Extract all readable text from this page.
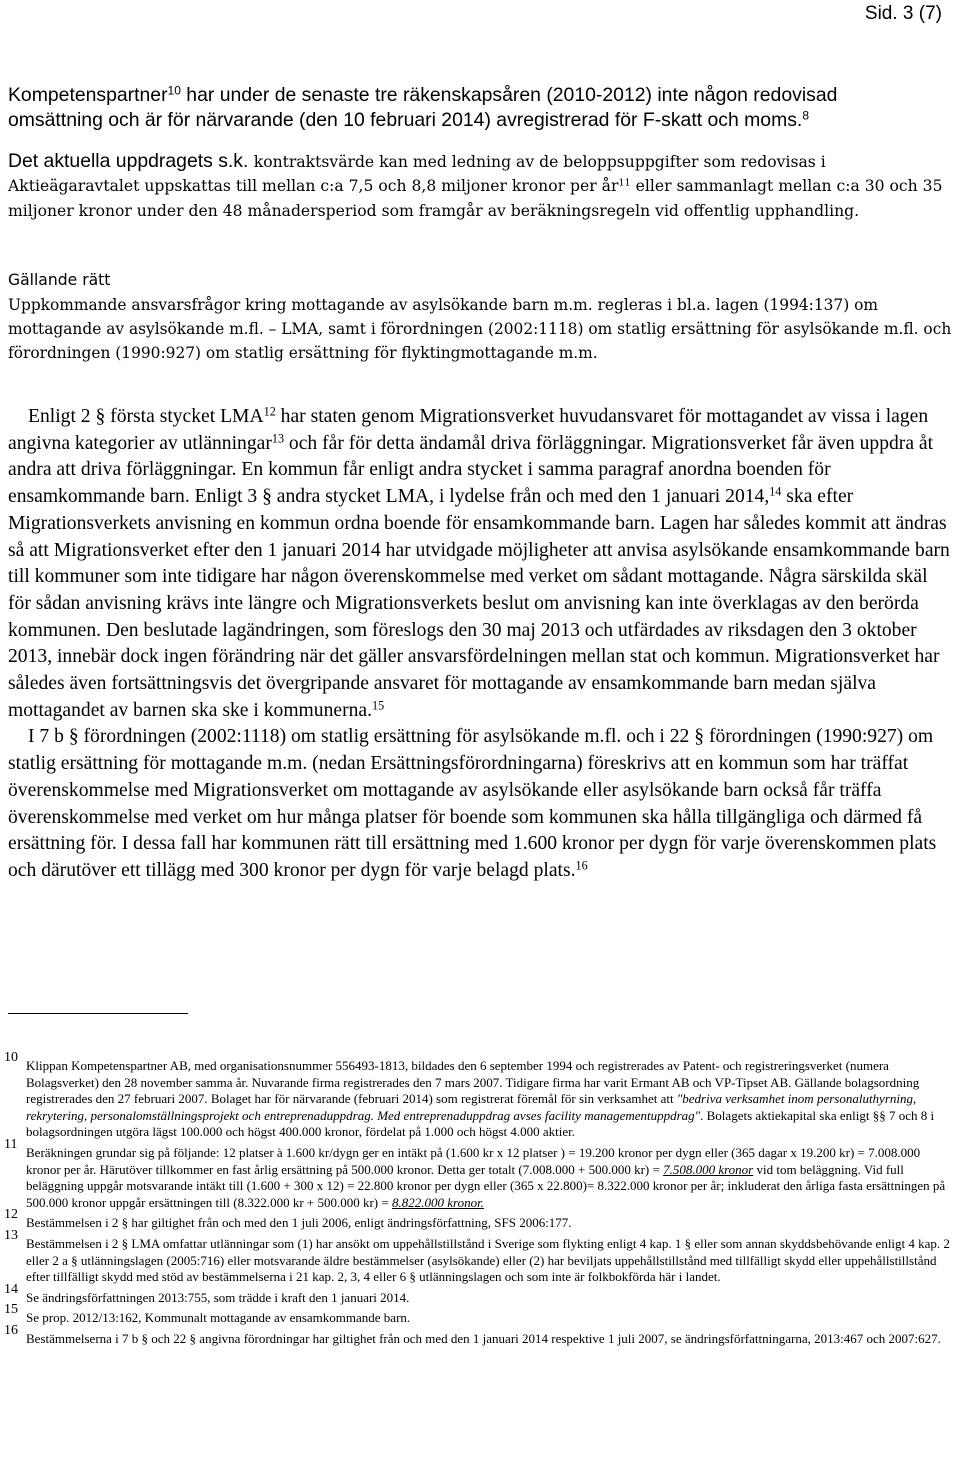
Sid. 3 (7)

Kompetenspartner$^{10}$ har under de senaste tre räkenskapsåren (2010-2012) inte någon redovisad omsättning och är för närvarande (den 10 februari 2014) avregistrerad för F-skatt och moms.$^8$

Det aktuella uppdragets s.k. kontraktsvärde kan med ledning av de beloppsuppgifter som redovisas i Aktieägaravtalet uppskattas till mellan c:a 7,5 och 8,8 miljoner kronor per $år^{11}$ eller sammanlagt mellan c:a 30 och 35 miljoner kronor under den 48 månadersperiod som framgår av beräkningsregeln vid offentlig upphandling.

Gällande rätt

Uppkommande ansvarsfrågor kring mottagande av asylsökande barn m.m. regleras i bl.a. lagen (1994:137) om mottagande av asylsökande m.fl. – LMA, samt i förordningen (2002:1118) om statlig ersättning för asylsökande m.fl. och förordningen (1990:927) om statlig ersättning för flyktingmottagande m.m.

Enligt 2 § första stycket LMA$^{12}$ har staten genom Migrationsverket huvudansvaret för mottagandet av vissa i lagen angivna kategorier av utlänningar$^{13}$ och får för detta ändamål driva förläggningar. Migrationsverket får även uppdra åt andra att driva förläggningar. En kommun får enligt andra stycket i samma paragraf anordna boenden för ensamkommande barn. Enligt 3 § andra stycket LMA, i lydelse från och med den 1 januari 2014,14 ska efter Migrationsverkets anvisning en kommun ordna boende för ensamkommande barn. Lagen har således kommit att ändras så att Migrationsverket efter den 1 januari 2014 har utvidgade möjligheter att anvisa asylsökande ensamkommande barn till kommuner som inte tidigare har någon överenskommelse med verket om sådant mottagande. Några särskilda skäl för sådan anvisning krävs inte längre och Migrationsverkets beslut om anvisning kan inte överklagas av den berörda kommunen. Den beslutade lagändringen, som föreslogs den 30 maj 2013 och utfärdades av riksdagen den 3 oktober 2013, innebär dock ingen förändring när det gäller ansvarsfördelningen mellan stat och kommun. Migrationsverket har således även fortsättningsvis det övergripande ansvaret för mottagande av ensamkommande barn medan själva mottagandet av barnen ska ske i kommunerna.$^{15}$

I 7 b § förordningen (2002:1118) om statlig ersättning för asylsökande m.fl. och i 22 § förordningen (1990:927) om statlig ersättning för mottagande m.m. (nedan Ersättningsförordningarna) föreskrivs att en kommun som har träffat överenskommelse med Migrationsverket om mottagande av asylsökande eller asylsökande barn också får träffa överenskommelse med verket om hur många platser för boende som kommunen ska hålla tillgängliga och därmed få ersättning för. I dessa fall har kommunen rätt till ersättning med 1.600 kronor per dygn för varje överenskommen plats och därutöver ett tillägg med 300 kronor per dygn för varje belagd plats.$^{16}$

10
Klippan Kompetenspartner AB, med organisationsnummer 556493-1813, bildades den 6 september 1994 och registrerades av Patent- och registreringsverket (numera Bolagsverket) den 28 november samma år. Nuvarande firma registrerades den 7 mars 2007. Tidigare firma har varit Ermant AB och VP-Tipset AB. Gällande bolagsordning registrerades den 27 februari 2007. Bolaget har för närvarande (februari 2014) som registrerat föremål för sin verksamhet att "bedriva verksamhet inom personaluthyrning, rekrytering, personalomställningsprojekt och entreprenaduppdrag. Med entreprenaduppdrag avses facility managementuppdrag". Bolagets aktiekapital ska enligt §§ 7 och 8 i bolagsordningen utgöra lägst 100.000 och högst 400.000 kronor, fördelat på 1.000 och högst 4.000 aktier.
11
Beräkningen grundar sig på följande: 12 platser à 1.600 kr/dygn ger en intäkt på (1.600 kr x 12 platser ) = 19.200 kronor per dygn eller (365 dagar x 19.200 kr) = 7.008.000 kronor per år. Härutöver tillkommer en fast årlig ersättning på 500.000 kronor. Detta ger totalt (7.008.000 + 500.000 kr) = 7.508.000 kronor vid tom beläggning. Vid full beläggning uppgår motsvarande intäkt till (1.600 + 300 x 12) = 22.800 kronor per dygn eller (365 x 22.800)= 8.322.000 kronor per år; inkluderat den årliga fasta ersättningen på 500.000 kronor uppgår ersättningen till (8.322.000 kr + 500.000 kr) = 8.822.000 kronor.
12
Bestämmelsen i 2 § har giltighet från och med den 1 juli 2006, enligt ändringsförfattning, SFS 2006:177.
13
Bestämmelsen i 2 § LMA omfattar utlänningar som (1) har ansökt om uppehållstillstånd i Sverige som flykting enligt 4 kap. 1 § eller som annan skyddsbehövande enligt 4 kap. 2 eller 2 a § utlänningslagen (2005:716) eller motsvarande äldre bestämmelser (asylsökande) eller (2) har beviljats uppehållstillstånd med tillfälligt skydd eller uppehållstillstånd efter tillfälligt skydd med stöd av bestämmelserna i 21 kap. 2, 3, 4 eller 6 § utlänningslagen och som inte är folkbokförda här i landet.
14
Se ändringsförfattningen 2013:755, som trädde i kraft den 1 januari 2014.
15
Se prop. 2012/13:162, Kommunalt mottagande av ensamkommande barn.
16
Bestämmelserna i 7 b § och 22 § angivna förordningar har giltighet från och med den 1 januari 2014 respektive 1 juli 2007, se ändringsförfattningarna, 2013:467 och 2007:627.
